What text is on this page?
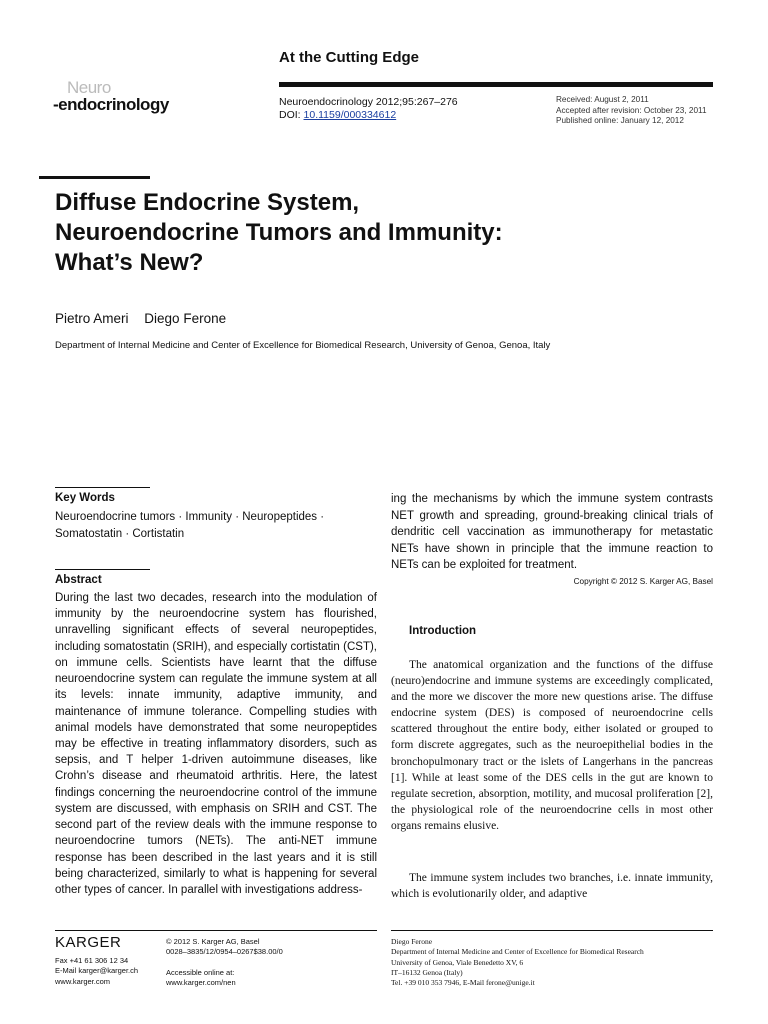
At the Cutting Edge
Neuro
-endocrinology	Neuroendocrinology 2012;95:267–276
DOI: 10.1159/000334612
Received: August 2, 2011
Accepted after revision: October 23, 2011
Published online: January 12, 2012
Diffuse Endocrine System,
Neuroendocrine Tumors and Immunity:
What’s New?
Pietro Ameri Diego Ferone
Department of Internal Medicine and Center of Excellence for Biomedical Research, University of Genoa, Genoa, Italy
Key Words
Neuroendocrine tumors · Immunity · Neuropeptides · Somatostatin · Cortistatin
Abstract
During the last two decades, research into the modulation of immunity by the neuroendocrine system has flourished, unravelling significant effects of several neuropeptides, including somatostatin (SRIH), and especially cortistatin (CST), on immune cells. Scientists have learnt that the diffuse neuroendocrine system can regulate the immune system at all its levels: innate immunity, adaptive immunity, and maintenance of immune tolerance. Compelling studies with animal models have demonstrated that some neuropeptides may be effective in treating inflammatory disorders, such as sepsis, and T helper 1-driven autoimmune diseases, like Crohn’s disease and rheumatoid arthritis. Here, the latest findings concerning the neuroendocrine control of the immune system are discussed, with emphasis on SRIH and CST. The second part of the review deals with the immune response to neuroendocrine tumors (NETs). The anti-NET immune response has been described in the last years and it is still being characterized, similarly to what is happening for several other types of cancer. In parallel with investigations address-
ing the mechanisms by which the immune system contrasts NET growth and spreading, ground-breaking clinical trials of dendritic cell vaccination as immunotherapy for metastatic NETs have shown in principle that the immune reaction to NETs can be exploited for treatment.
Copyright © 2012 S. Karger AG, Basel
Introduction
The anatomical organization and the functions of the diffuse (neuro)endocrine and immune systems are exceedingly complicated, and the more we discover the more new questions arise. The diffuse endocrine system (DES) is composed of neuroendocrine cells scattered throughout the entire body, either isolated or grouped to form discrete aggregates, such as the neuroepithelial bodies in the bronchopulmonary tract or the islets of Langerhans in the pancreas [1]. While at least some of the DES cells in the gut are known to regulate secretion, absorption, motility, and mucosal proliferation [2], the physiological role of the neuroendocrine cells in most other organs remains elusive.
The immune system includes two branches, i.e. innate immunity, which is evolutionarily older, and adaptive
KARGER
Fax +41 61 306 12 34
E-Mail karger@karger.ch
www.karger.com
© 2012 S. Karger AG, Basel
0028–3835/12/0954–0267$38.00/0
Accessible online at:
www.karger.com/nen
Diego Ferone
Department of Internal Medicine and Center of Excellence for Biomedical Research
University of Genoa, Viale Benedetto XV, 6
IT–16132 Genoa (Italy)
Tel. +39 010 353 7946, E-Mail ferone@unige.it
